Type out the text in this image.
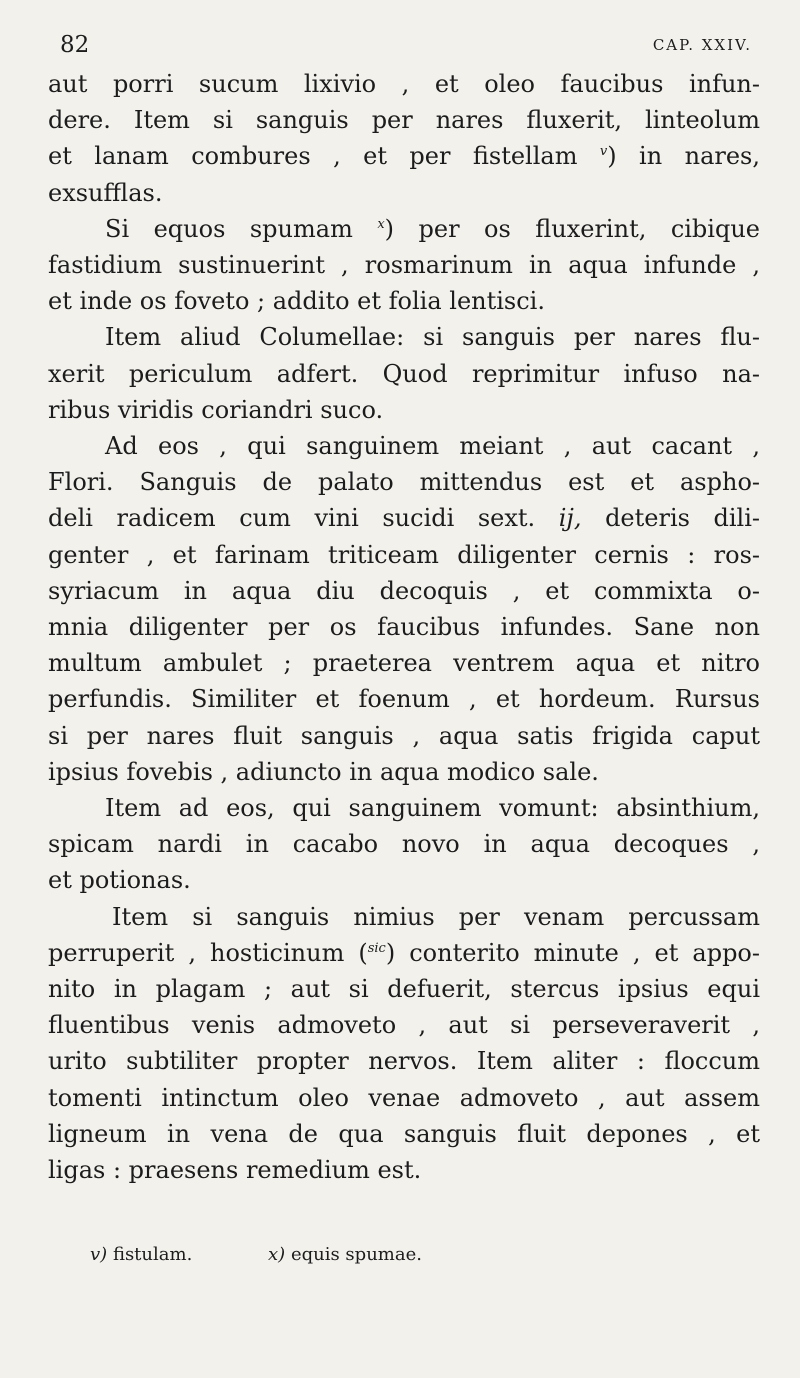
82	CAP. XXIV.
aut porri sucum lixivio , et oleo faucibus infun-
dere. Item si sanguis per nares fluxerit, linteolum
et lanam combures , et per fistellam $^v$) in nares,
exsufflas.
Si equos spumam $^x$) per os fluxerint, cibique
fastidium sustinuerint , rosmarinum in aqua infunde ,
et inde os foveto ; addito et folia lentisci.
Item aliud Columellae: si sanguis per nares flu-
xerit periculum adfert. Quod reprimitur infuso na-
ribus viridis coriandri suco.
Ad eos , qui sanguinem meiant , aut cacant ,
Flori. Sanguis de palato mittendus est et aspho-
deli radicem cum vini sucidi sext. ij, deteris dili-
genter , et farinam triticeam diligenter cernis : ros-
syriacum in aqua diu decoquis , et commixta o-
mnia diligenter per os faucibus infundes. Sane non
multum ambulet ; praeterea ventrem aqua et nitro
perfundis. Similiter et foenum , et hordeum. Rursus
si per nares fluit sanguis , aqua satis frigida caput
ipsius fovebis , adiuncto in aqua modico sale.
Item ad eos, qui sanguinem vomunt: absinthium,
spicam nardi in cacabo novo in aqua decoques ,
et potionas.
Item si sanguis nimius per venam percussam
perruperit , hosticinum ($^{sic}$) conterito minute , et appo-
nito in plagam ; aut si defuerit, stercus ipsius equi
fluentibus venis admoveto , aut si perseveraverit ,
urito subtiliter propter nervos. Item aliter : floccum
tomenti intinctum oleo venae admoveto , aut assem
ligneum in vena de qua sanguis fluit depones , et
ligas : praesens remedium est.
v) fistulam.	x) equis spumae.
